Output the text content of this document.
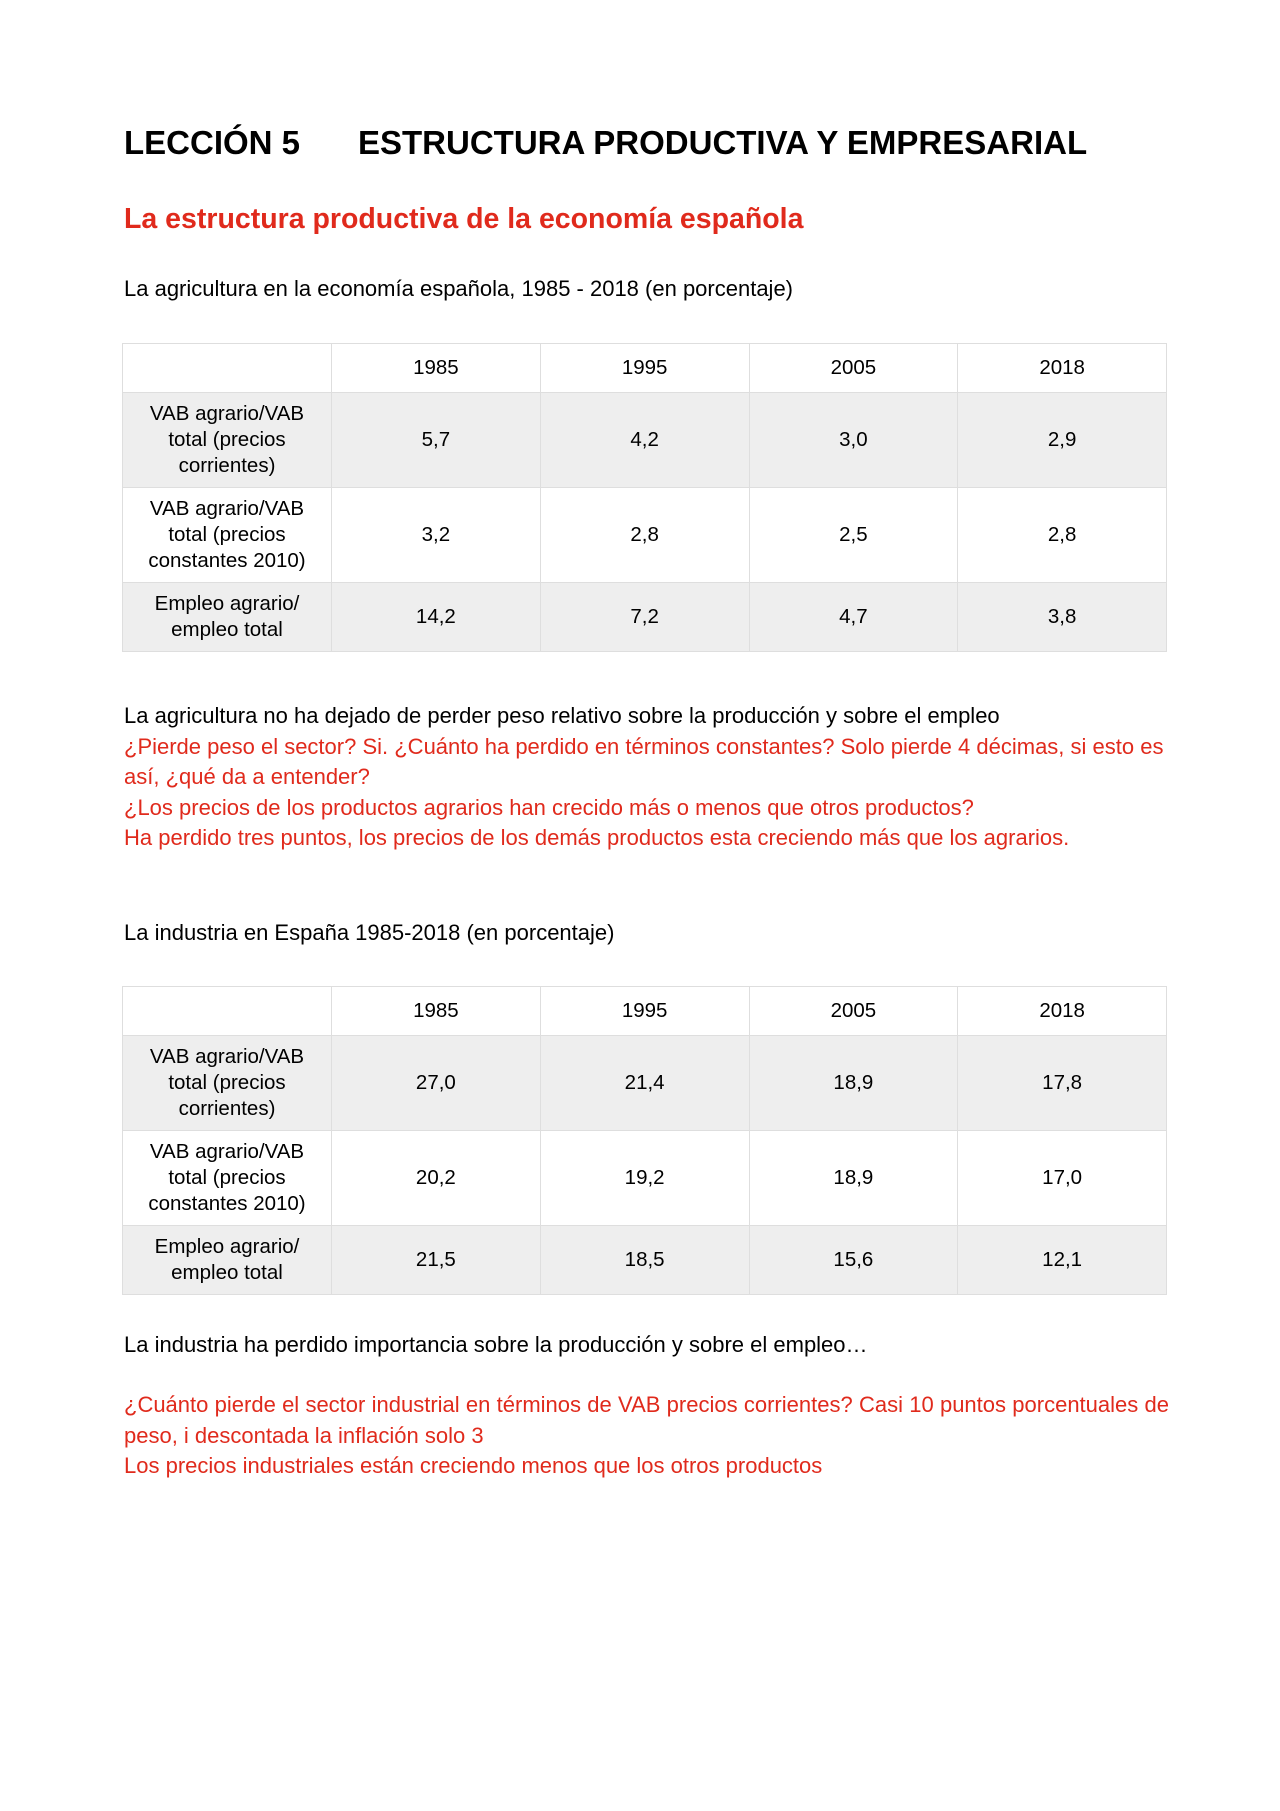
LECCIÓN 5 ESTRUCTURA PRODUCTIVA Y EMPRESARIAL
La estructura productiva de la economía española
La agricultura en la economía española, 1985 - 2018 (en porcentaje)
	1985	1995	2005	2018
VAB agrario/VAB
total (precios
corrientes)	5,7	4,2	3,0	2,9
VAB agrario/VAB
total (precios
constantes 2010)	3,2	2,8	2,5	2,8
Empleo agrario/
empleo total	14,2	7,2	4,7	3,8

La agricultura no ha dejado de perder peso relativo sobre la producción y sobre el empleo

¿Pierde peso el sector? Si. ¿Cuánto ha perdido en términos constantes? Solo pierde 4 décimas, si esto es así, ¿qué da a entender?

¿Los precios de los productos agrarios han crecido más o menos que otros productos?

Ha perdido tres puntos, los precios de los demás productos esta creciendo más que los agrarios.

La industria en España 1985-2018 (en porcentaje)
	1985	1995	2005	2018
VAB agrario/VAB
total (precios
corrientes)	27,0	21,4	18,9	17,8
VAB agrario/VAB
total (precios
constantes 2010)	20,2	19,2	18,9	17,0
Empleo agrario/
empleo total	21,5	18,5	15,6	12,1

La industria ha perdido importancia sobre la producción y sobre el empleo…

¿Cuánto pierde el sector industrial en términos de VAB precios corrientes? Casi 10 puntos porcentuales de peso, i descontada la inflación solo 3

Los precios industriales están creciendo menos que los otros productos
